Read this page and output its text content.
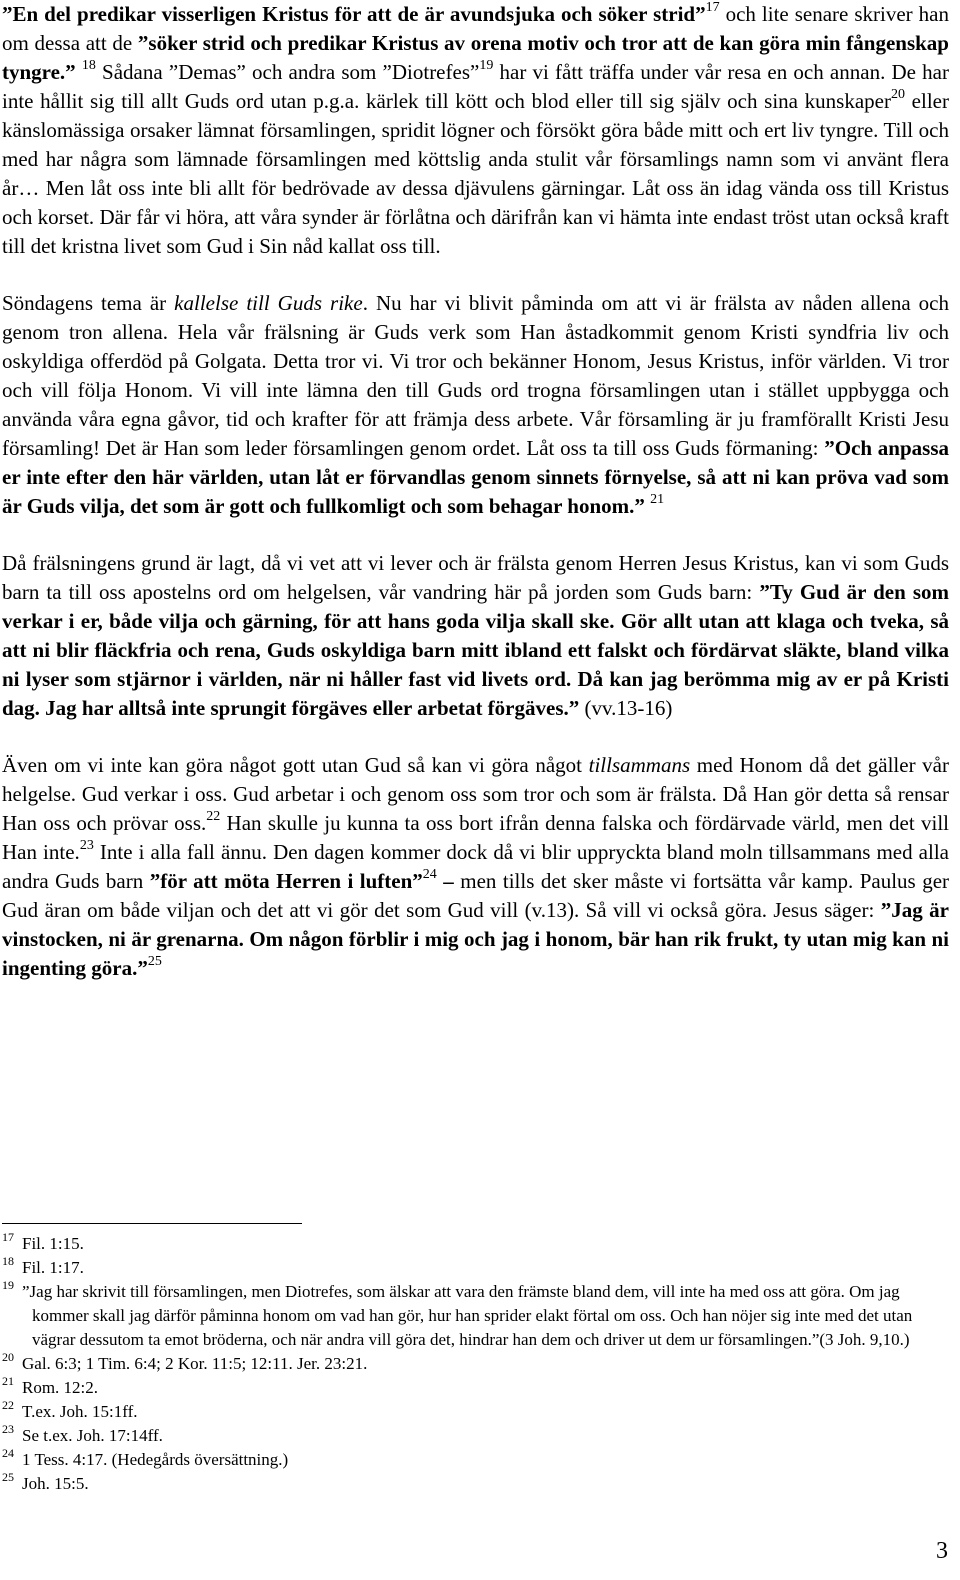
”En del predikar visserligen Kristus för att de är avundsjuka och söker strid”$^{17}$ och lite senare skriver han om dessa att de ”söker strid och predikar Kristus av orena motiv och tror att de kan göra min fångenskap tyngre.” $^{18}$ Sådana ”Demas” och andra som ”Diotrefes”$^{19}$ har vi fått träffa under vår resa en och annan. De har inte hållit sig till allt Guds ord utan p.g.a. kärlek till kött och blod eller till sig själv och sina kunskaper$^{20}$ eller känslomässiga orsaker lämnat församlingen, spridit lögner och försökt göra både mitt och ert liv tyngre. Till och med har några som lämnade församlingen med köttslig anda stulit vår församlings namn som vi använt flera år… Men låt oss inte bli allt för bedrövade av dessa djävulens gärningar. Låt oss än idag vända oss till Kristus och korset. Där får vi höra, att våra synder är förlåtna och därifrån kan vi hämta inte endast tröst utan också kraft till det kristna livet som Gud i Sin nåd kallat oss till.

Söndagens tema är kallelse till Guds rike. Nu har vi blivit påminda om att vi är frälsta av nåden allena och genom tron allena. Hela vår frälsning är Guds verk som Han åstadkommit genom Kristi syndfria liv och oskyldiga offerdöd på Golgata. Detta tror vi. Vi tror och bekänner Honom, Jesus Kristus, inför världen. Vi tror och vill följa Honom. Vi vill inte lämna den till Guds ord trogna församlingen utan i stället uppbygga och använda våra egna gåvor, tid och krafter för att främja dess arbete. Vår församling är ju framförallt Kristi Jesu församling! Det är Han som leder församlingen genom ordet. Låt oss ta till oss Guds förmaning: ”Och anpassa er inte efter den här världen, utan låt er förvandlas genom sinnets förnyelse, så att ni kan pröva vad som är Guds vilja, det som är gott och fullkomligt och som behagar honom.” $^{21}$

Då frälsningens grund är lagt, då vi vet att vi lever och är frälsta genom Herren Jesus Kristus, kan vi som Guds barn ta till oss apostelns ord om helgelsen, vår vandring här på jorden som Guds barn: ”Ty Gud är den som verkar i er, både vilja och gärning, för att hans goda vilja skall ske. Gör allt utan att klaga och tveka, så att ni blir fläckfria och rena, Guds oskyldiga barn mitt ibland ett falskt och fördärvat släkte, bland vilka ni lyser som stjärnor i världen, när ni håller fast vid livets ord. Då kan jag berömma mig av er på Kristi dag. Jag har alltså inte sprungit förgäves eller arbetat förgäves.” (vv.13-16)

Även om vi inte kan göra något gott utan Gud så kan vi göra något tillsammans med Honom då det gäller vår helgelse. Gud verkar i oss. Gud arbetar i och genom oss som tror och som är frälsta. Då Han gör detta så rensar Han oss och prövar oss.$^{22}$ Han skulle ju kunna ta oss bort ifrån denna falska och fördärvade värld, men det vill Han inte.$^{23}$ Inte i alla fall ännu. Den dagen kommer dock då vi blir uppryckta bland moln tillsammans med alla andra Guds barn ”för att möta Herren i luften”$^{24}$ – men tills det sker måste vi fortsätta vår kamp. Paulus ger Gud äran om både viljan och det att vi gör det som Gud vill (v.13). Så vill vi också göra. Jesus säger: ”Jag är vinstocken, ni är grenarna. Om någon förblir i mig och jag i honom, bär han rik frukt, ty utan mig kan ni ingenting göra.”$^{25}$

17 Fil. 1:15.
18 Fil. 1:17.
19 ”Jag har skrivit till församlingen, men Diotrefes, som älskar att vara den främste bland dem, vill inte ha med oss att göra. Om jag kommer skall jag därför påminna honom om vad han gör, hur han sprider elakt förtal om oss. Och han nöjer sig inte med det utan vägrar dessutom ta emot bröderna, och när andra vill göra det, hindrar han dem och driver ut dem ur församlingen.”(3 Joh. 9,10.)
20 Gal. 6:3; 1 Tim. 6:4; 2 Kor. 11:5; 12:11. Jer. 23:21.
21 Rom. 12:2.
22 T.ex. Joh. 15:1ff.
23 Se t.ex. Joh. 17:14ff.
24 1 Tess. 4:17. (Hedegårds översättning.)
25 Joh. 15:5.
3
